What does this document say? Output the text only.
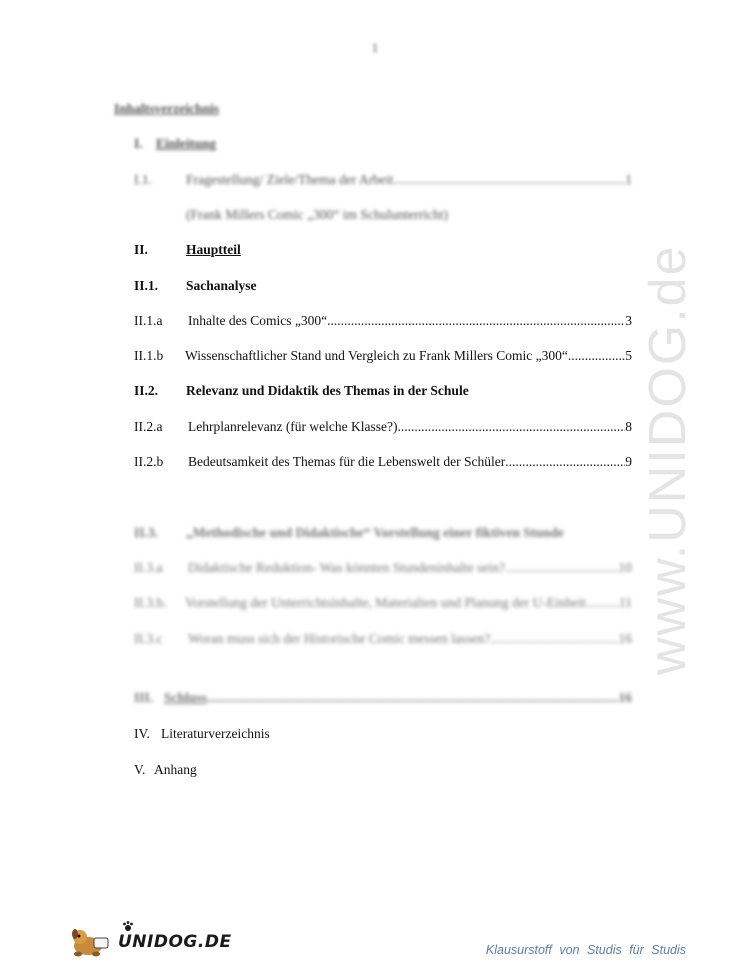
1
www.UNIDOG.de
Inhaltsverzeichnis
I. Einleitung
I.1.	Fragestellung/ Ziele/Thema der Arbeit .....	1
(Frank Millers Comic „300“ im Schulunterricht)
II.	Hauptteil
II.1. Sachanalyse
II.1.a Inhalte des Comics „300“ .....	3
II.1.b Wissenschaftlicher Stand und Vergleich zu Frank Millers Comic „300“ .....	5
II.2. Relevanz und Didaktik des Themas in der Schule
II.2.a Lehrplanrelevanz (für welche Klasse?) .....	8
II.2.b Bedeutsamkeit des Themas für die Lebenswelt der Schüler .....	9
II.3. „Methodische und Didaktische“ Vorstellung einer fiktiven Stunde
II.3.a Didaktische Reduktion- Was könnten Stundeninhalte sein? .....	10
II.3.b. Vorstellung der Unterrichtsinhalte, Materialien und Planung der U-Einheit ..... 11
II.3.c Woran muss sich der Historische Comic messen lassen? .....	16
III. Schluss .....	16
IV. Literaturverzeichnis
V. Anhang
UNIDOG.DE	Klausurstoff von Studis für Studis
